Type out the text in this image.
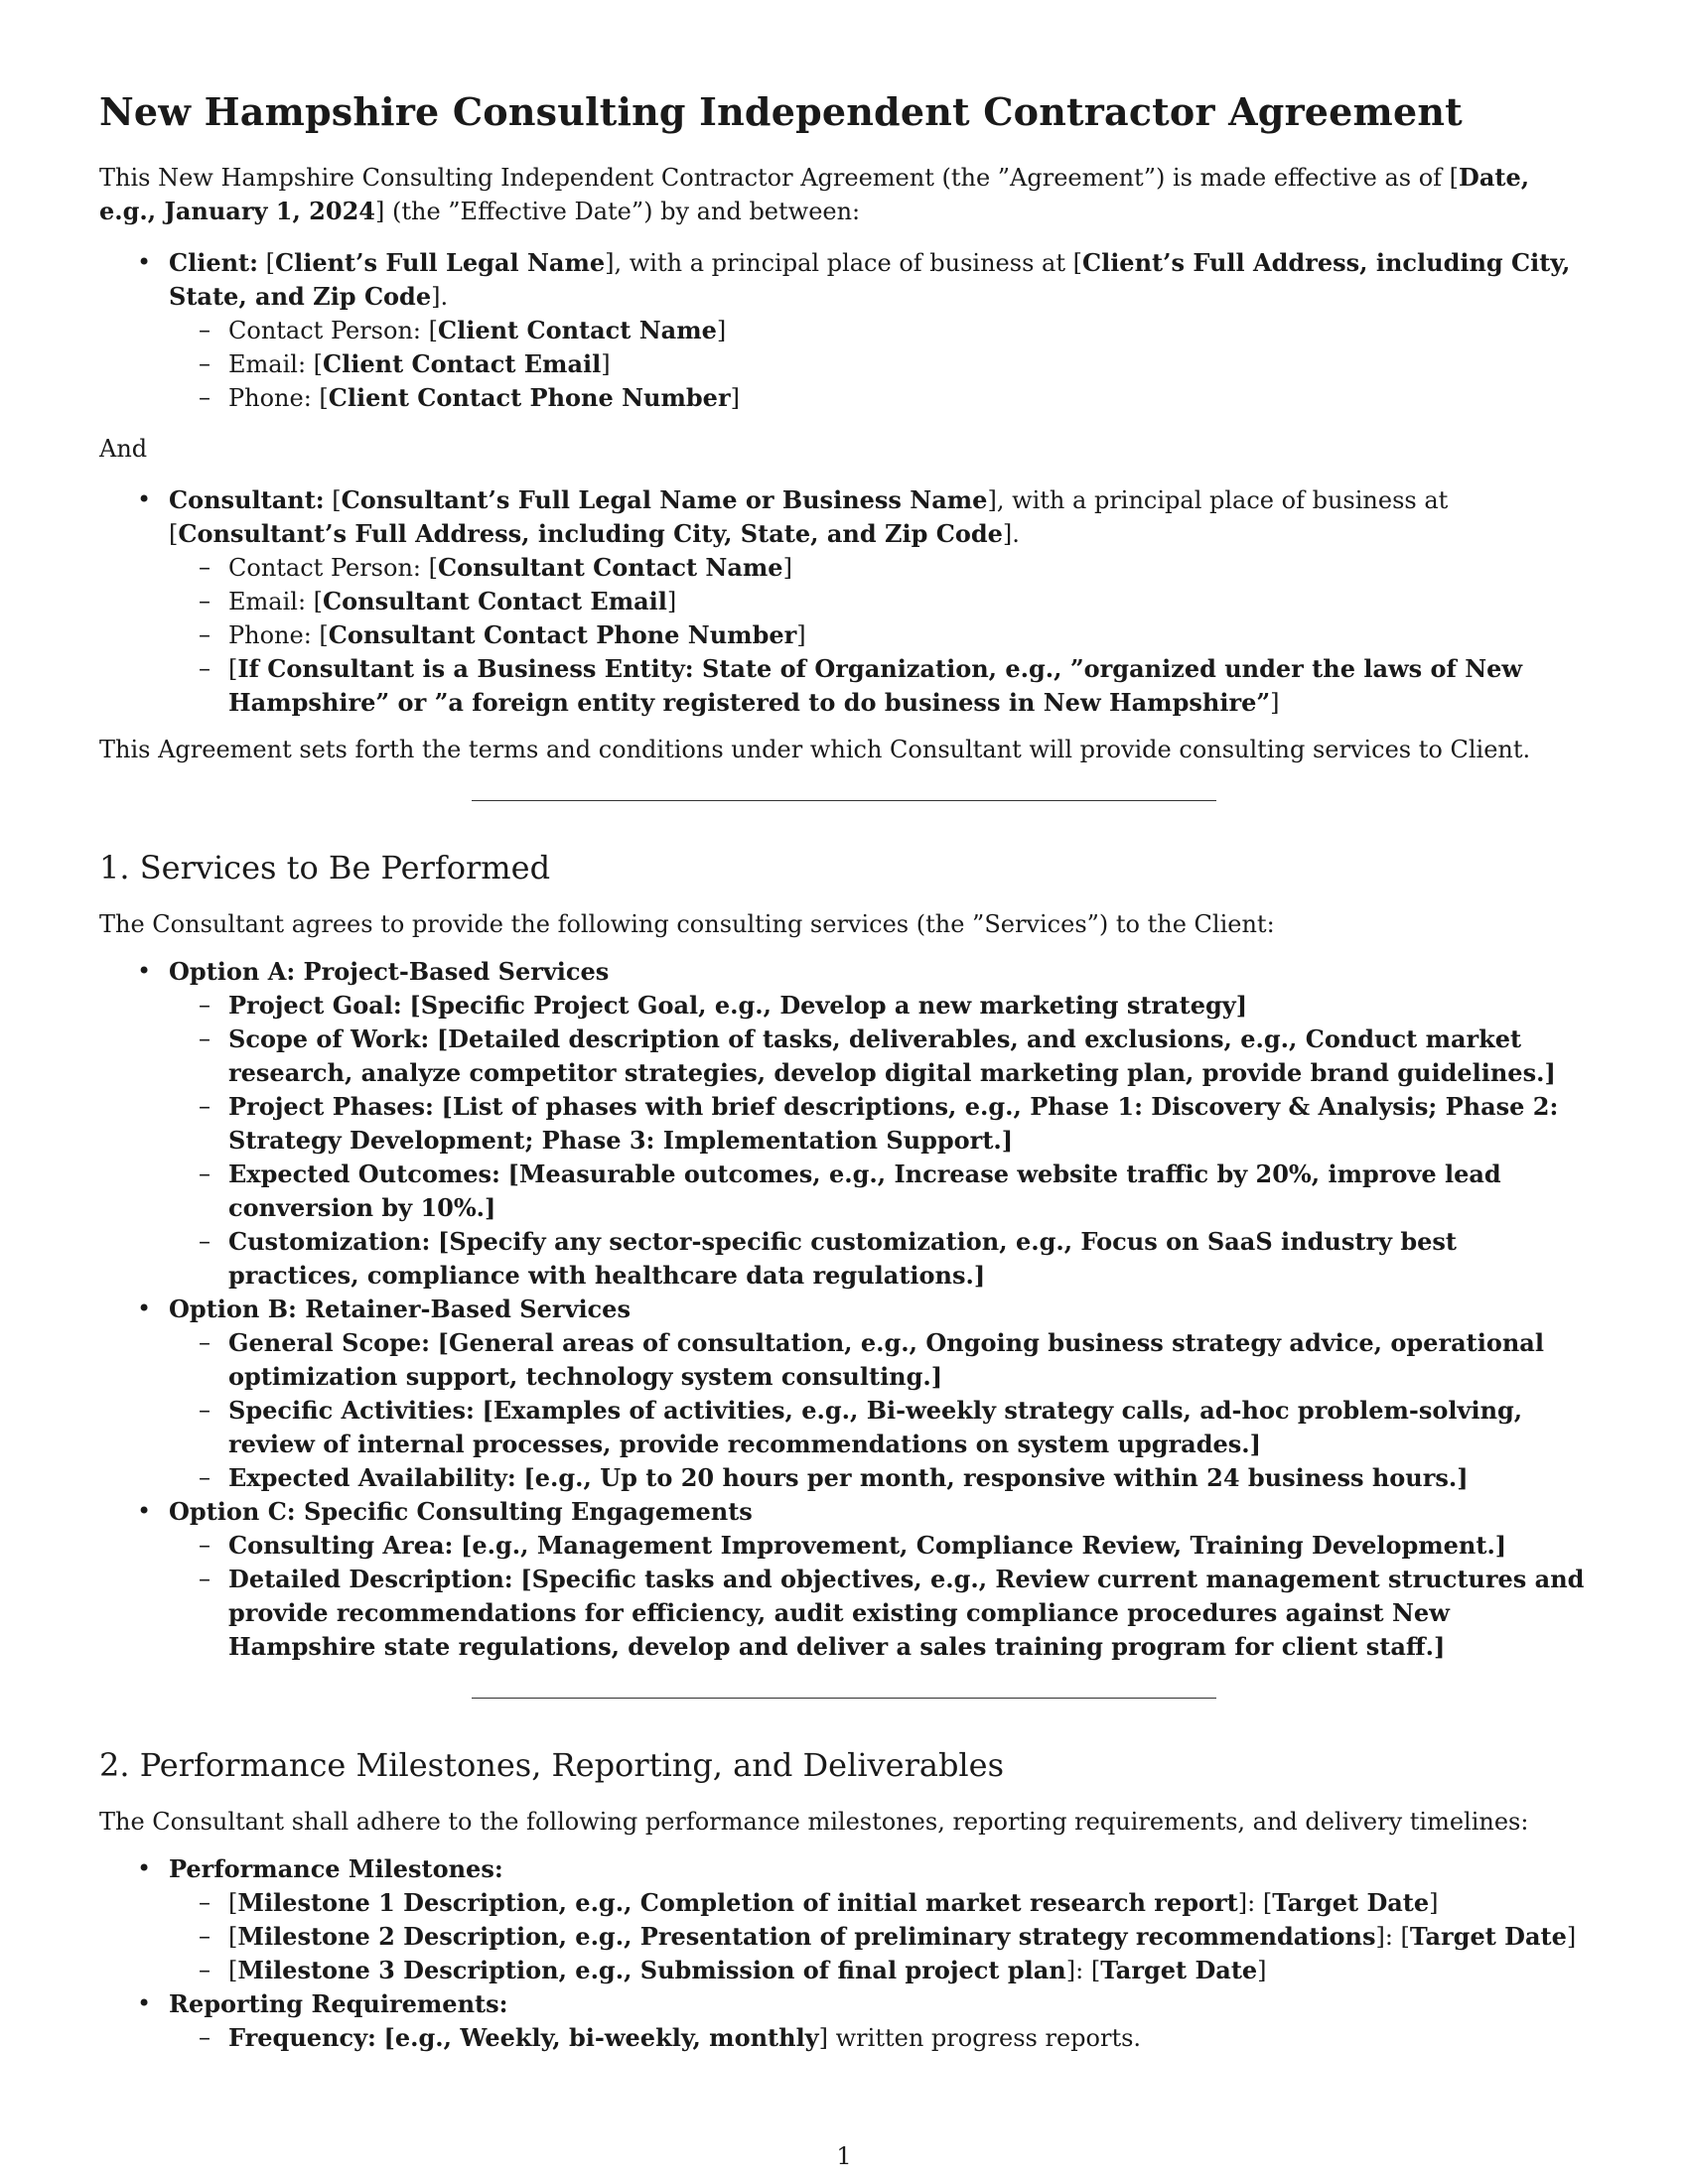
New Hampshire Consulting Independent Contractor Agreement

This New Hampshire Consulting Independent Contractor Agreement (the ”Agreement”) is made effective as of [Date, e.g., January 1, 2024] (the ”Effective Date”) by and between:

• Client: [Client’s Full Legal Name], with a principal place of business at [Client’s Full Address, including City, State, and Zip Code].
– Contact Person: [Client Contact Name]
– Email: [Client Contact Email]
– Phone: [Client Contact Phone Number]

And

• Consultant: [Consultant’s Full Legal Name or Business Name], with a principal place of business at [Consultant’s Full Address, including City, State, and Zip Code].
– Contact Person: [Consultant Contact Name]
– Email: [Consultant Contact Email]
– Phone: [Consultant Contact Phone Number]
– [If Consultant is a Business Entity: State of Organization, e.g., ”organized under the laws of New Hampshire” or ”a foreign entity registered to do business in New Hampshire”]

This Agreement sets forth the terms and conditions under which Consultant will provide consulting services to Client.

1. Services to Be Performed

The Consultant agrees to provide the following consulting services (the ”Services”) to the Client:

• Option A: Project-Based Services
– Project Goal: [Specific Project Goal, e.g., Develop a new marketing strategy]
– Scope of Work: [Detailed description of tasks, deliverables, and exclusions, e.g., Conduct market research, analyze competitor strategies, develop digital marketing plan, provide brand guidelines.]
– Project Phases: [List of phases with brief descriptions, e.g., Phase 1: Discovery & Analysis; Phase 2: Strategy Development; Phase 3: Implementation Support.]
– Expected Outcomes: [Measurable outcomes, e.g., Increase website traffic by 20%, improve lead conversion by 10%.]
– Customization: [Specify any sector-specific customization, e.g., Focus on SaaS industry best practices, compliance with healthcare data regulations.]
• Option B: Retainer-Based Services
– General Scope: [General areas of consultation, e.g., Ongoing business strategy advice, operational optimization support, technology system consulting.]
– Specific Activities: [Examples of activities, e.g., Bi-weekly strategy calls, ad-hoc problem-solving, review of internal processes, provide recommendations on system upgrades.]
– Expected Availability: [e.g., Up to 20 hours per month, responsive within 24 business hours.]
• Option C: Specific Consulting Engagements
– Consulting Area: [e.g., Management Improvement, Compliance Review, Training Development.]
– Detailed Description: [Specific tasks and objectives, e.g., Review current management structures and provide recommendations for efficiency, audit existing compliance procedures against New Hampshire state regulations, develop and deliver a sales training program for client staff.]
2. Performance Milestones, Reporting, and Deliverables

The Consultant shall adhere to the following performance milestones, reporting requirements, and delivery timelines:

• Performance Milestones:
– [Milestone 1 Description, e.g., Completion of initial market research report]: [Target Date]
– [Milestone 2 Description, e.g., Presentation of preliminary strategy recommendations]: [Target Date]
– [Milestone 3 Description, e.g., Submission of final project plan]: [Target Date]
• Reporting Requirements:
– Frequency: [e.g., Weekly, bi-weekly, monthly] written progress reports.
1
